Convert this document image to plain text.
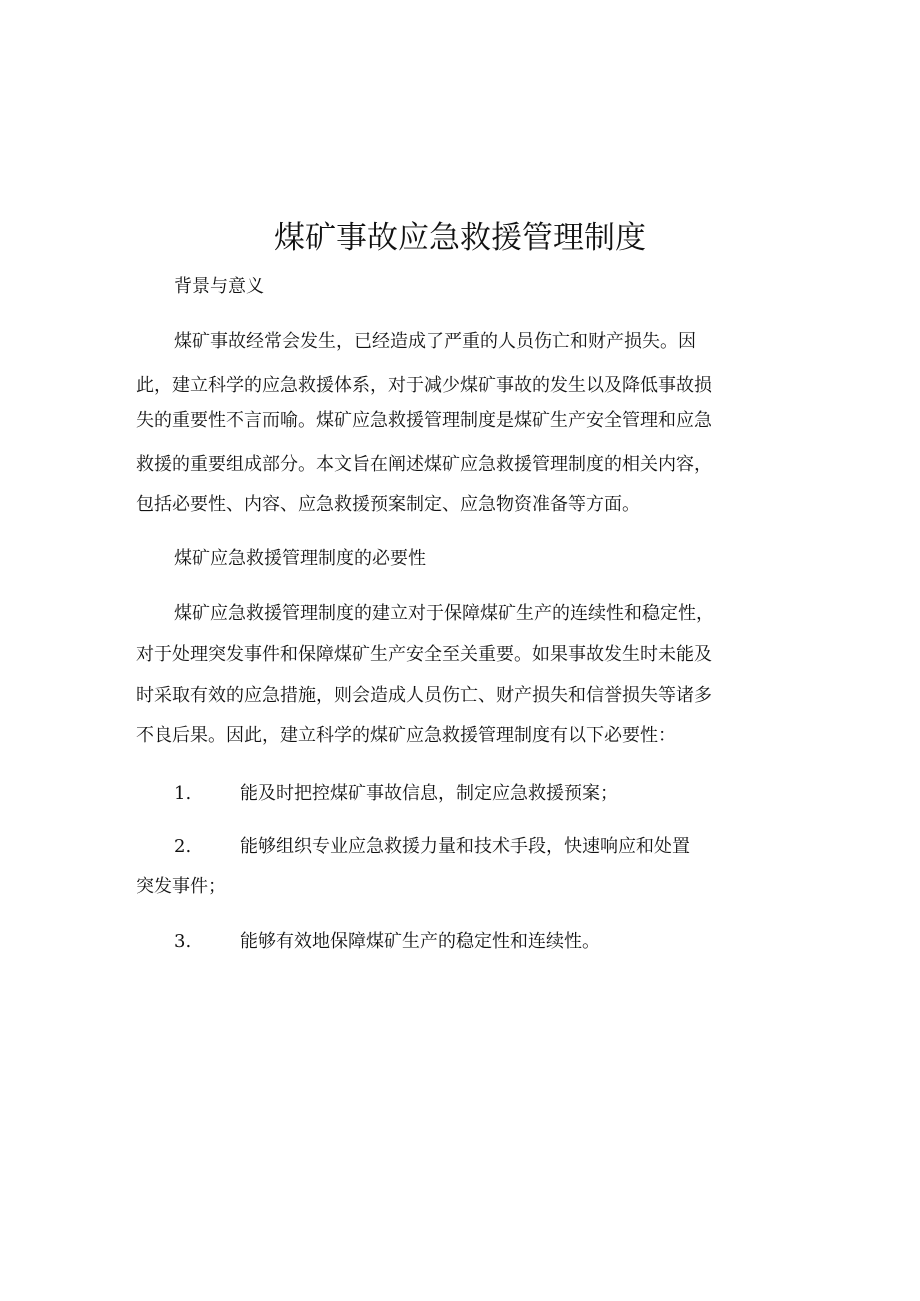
煤矿事故应急救援管理制度
背景与意义
煤矿事故经常会发生，已经造成了严重的人员伤亡和财产损失。因
此，建立科学的应急救援体系，对于减少煤矿事故的发生以及降低事故损
失的重要性不言而喻。煤矿应急救援管理制度是煤矿生产安全管理和应急
救援的重要组成部分。本文旨在阐述煤矿应急救援管理制度的相关内容，
包括必要性、内容、应急救援预案制定、应急物资准备等方面。
煤矿应急救援管理制度的必要性
煤矿应急救援管理制度的建立对于保障煤矿生产的连续性和稳定性，
对于处理突发事件和保障煤矿生产安全至关重要。如果事故发生时未能及
时采取有效的应急措施，则会造成人员伤亡、财产损失和信誉损失等诸多
不良后果。因此，建立科学的煤矿应急救援管理制度有以下必要性：
1.	能及时把控煤矿事故信息，制定应急救援预案；
2.	能够组织专业应急救援力量和技术手段，快速响应和处置
突发事件；
3.	能够有效地保障煤矿生产的稳定性和连续性。
